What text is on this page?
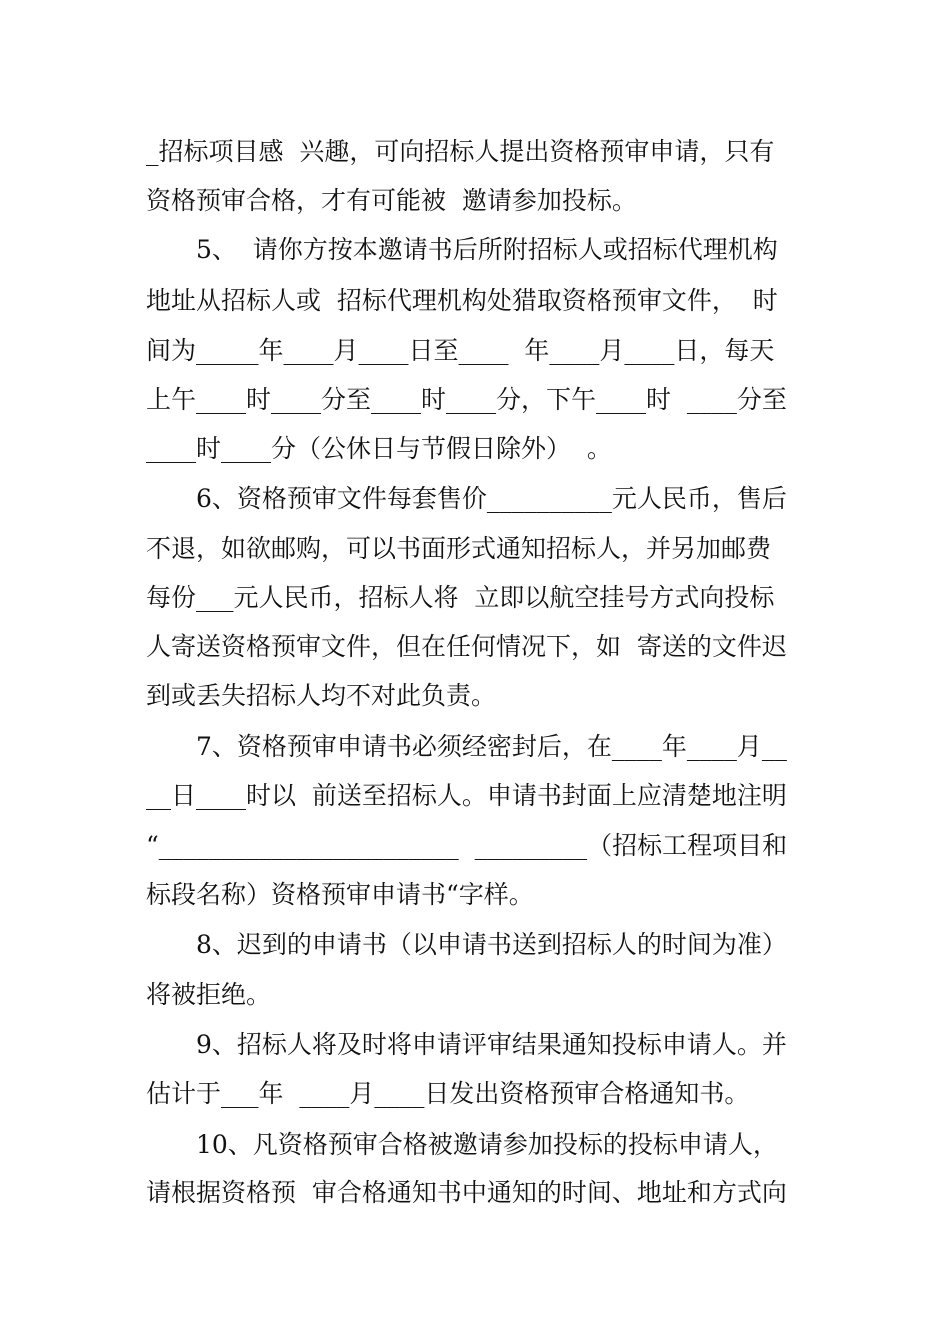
_招标项目感  兴趣，可向招标人提出资格预审申请，只有
资格预审合格，才有可能被  邀请参加投标。
5、  请你方按本邀请书后所附招标人或招标代理机构
地址从招标人或  招标代理机构处猎取资格预审文件，  时
间为_____年____月____日至____  年____月____日，每天
上午____时____分至____时____分，下午____时  ____分至
____时____分（公休日与节假日除外）  。
6、资格预审文件每套售价__________元人民币，售后
不退，如欲邮购，可以书面形式通知招标人，并另加邮费
每份___元人民币，招标人将  立即以航空挂号方式向投标
人寄送资格预审文件，但在任何情况下，如  寄送的文件迟
到或丢失招标人均不对此负责。
7、资格预审申请书必须经密封后，在____年____月__
__日____时以  前送至招标人。申请书封面上应清楚地注明
“________________________  _________（招标工程项目和
标段名称）资格预审申请书“字样。
8、迟到的申请书（以申请书送到招标人的时间为准）
将被拒绝。
9、招标人将及时将申请评审结果通知投标申请人。并
估计于___年  ____月____日发出资格预审合格通知书。
10、凡资格预审合格被邀请参加投标的投标申请人，
请根据资格预  审合格通知书中通知的时间、地址和方式向
